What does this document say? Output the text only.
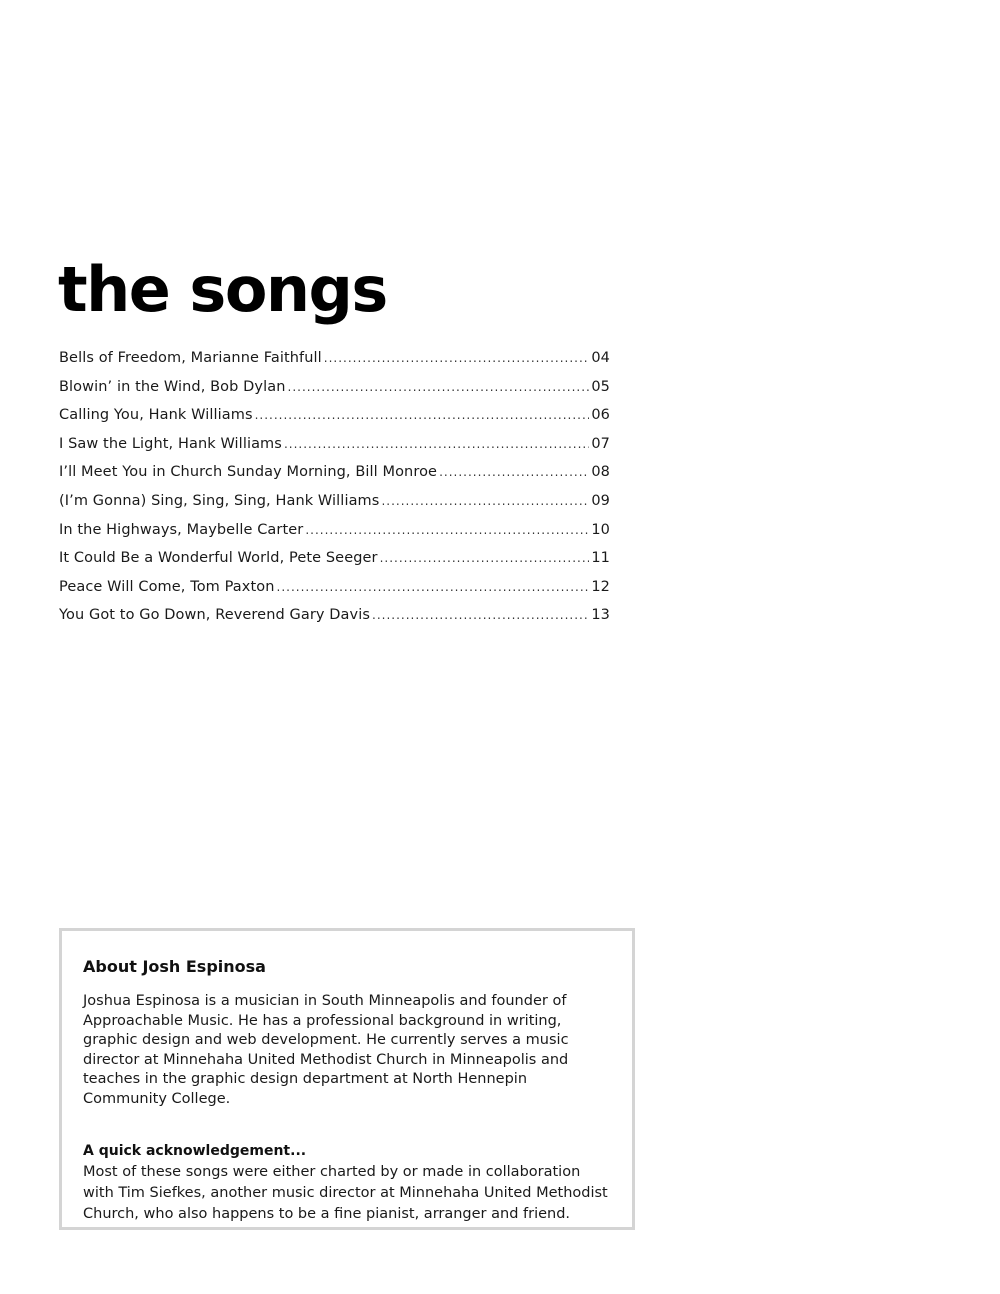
the songs
Bells of Freedom, Marianne Faithfull .....	04
Blowin’ in the Wind, Bob Dylan .....	05
Calling You, Hank Williams .....	06
I Saw the Light, Hank Williams .....	07
I’ll Meet You in Church Sunday Morning, Bill Monroe .....	08
(I’m Gonna) Sing, Sing, Sing, Hank Williams .....	09
In the Highways, Maybelle Carter .....	10
It Could Be a Wonderful World, Pete Seeger .....	11
Peace Will Come, Tom Paxton .....	12
You Got to Go Down, Reverend Gary Davis .....	13
About Josh Espinosa

Joshua Espinosa is a musician in South Minneapolis and founder of Approachable Music. He has a professional background in writing, graphic design and web development. He currently serves a music director at Minnehaha United Methodist Church in Minneapolis and teaches in the graphic design department at North Hennepin Community College.

A quick acknowledgement...

Most of these songs were either charted by or made in collaboration with Tim Siefkes, another music director at Minnehaha United Methodist Church, who also happens to be a fine pianist, arranger and friend.
